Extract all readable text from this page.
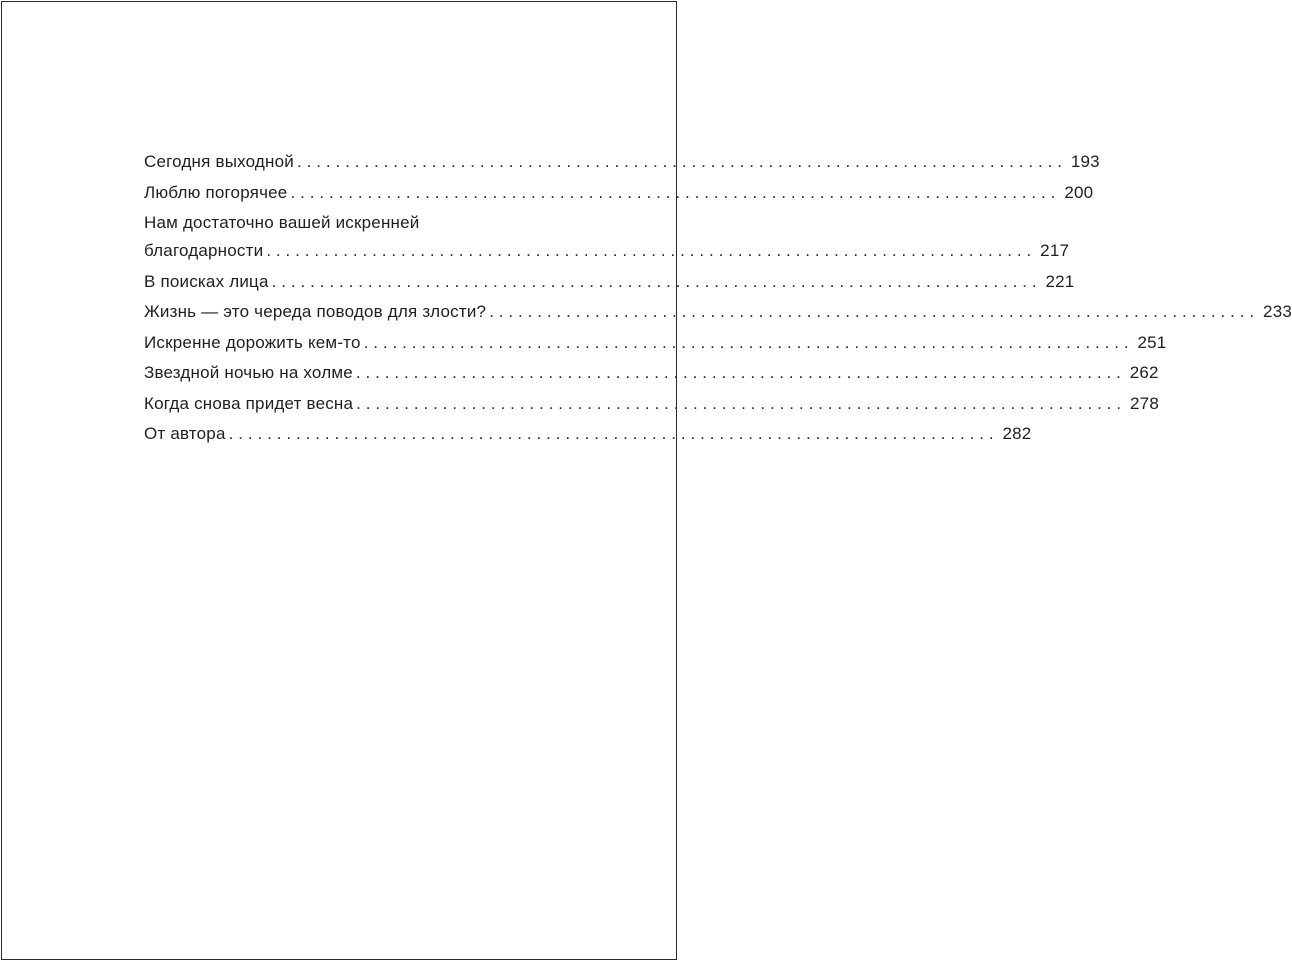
Сегодня выходной ................................................................................ 193
Люблю погорячее ................................................................................ 200
Нам достаточно вашей искренней
благодарности ................................................................................ 217
В поисках лица ................................................................................ 221
Жизнь — это череда поводов для злости? ................................................................................ 233
Искренне дорожить кем-то ................................................................................ 251
Звездной ночью на холме ................................................................................ 262
Когда снова придет весна ................................................................................ 278
От автора ................................................................................ 282
